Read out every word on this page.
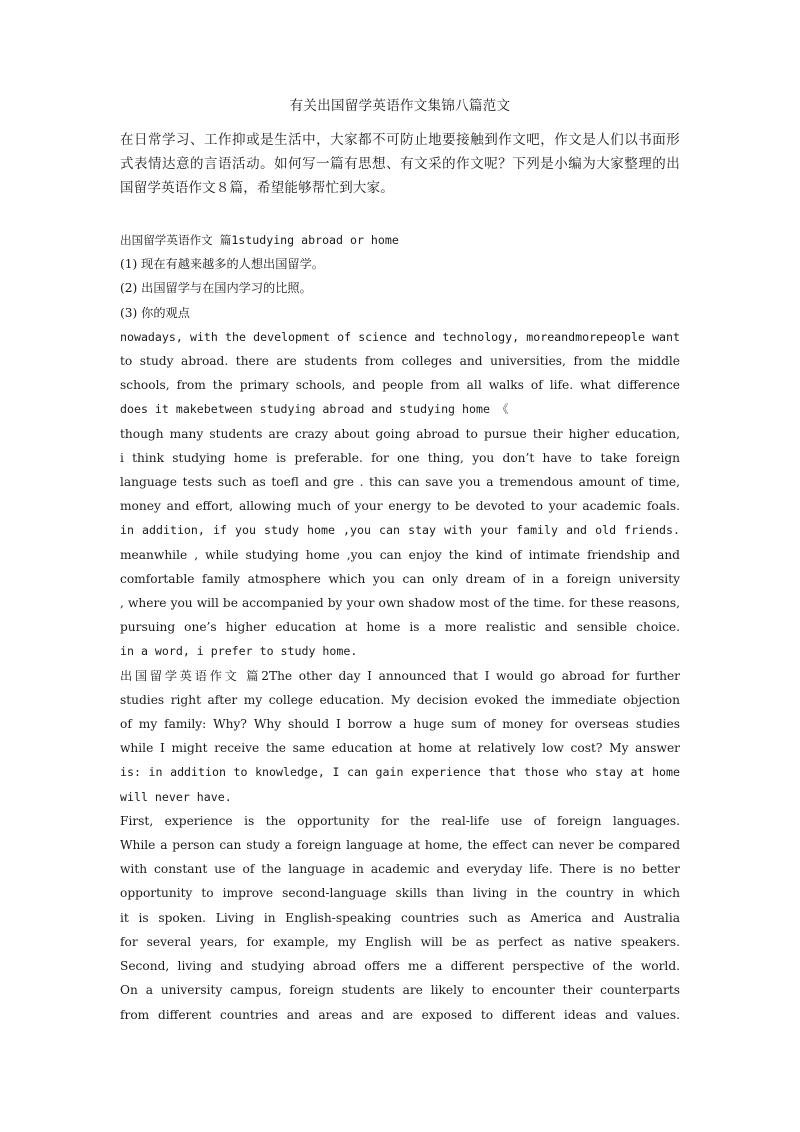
有关出国留学英语作文集锦八篇范文
在日常学习、工作抑或是生活中，大家都不可防止地要接触到作文吧，作文是人们以书面形式表情达意的言语活动。如何写一篇有思想、有文采的作文呢？下列是小编为大家整理的出国留学英语作文８篇，希望能够帮忙到大家。

出国留学英语作文 篇1studying abroad or home

(1) 现在有越来越多的人想出国留学。

(2) 出国留学与在国内学习的比照。

(3) 你的观点

nowadays, with the development of science and technology, moreandmorepeople want

to study abroad. there are students from colleges and universities, from the middle

schools, from the primary schools, and people from all walks of life. what difference

does it makebetween studying abroad and studying home 《

though many students are crazy about going abroad to pursue their higher education,

i think studying home is preferable. for one thing, you don’t have to take foreign

language tests such as toefl and gre . this can save you a tremendous amount of time,

money and effort, allowing much of your energy to be devoted to your academic foals.

in addition, if you study home ,you can stay with your family and old friends.

meanwhile , while studying home ,you can enjoy the kind of intimate friendship and

comfortable family atmosphere which you can only dream of in a foreign university

, where you will be accompanied by your own shadow most of the time. for these reasons,

pursuing one’s higher education at home is a more realistic and sensible choice.

in a word, i prefer to study home.

出国留学英语作文 篇2The other day I announced that I would go abroad for further

studies right after my college education. My decision evoked the immediate objection

of my family: Why? Why should I borrow a huge sum of money for overseas studies

while I might receive the same education at home at relatively low cost? My answer

is: in addition to knowledge, I can gain experience that those who stay at home

will never have.

First, experience is the opportunity for the real-life use of foreign languages.

While a person can study a foreign language at home, the effect can never be compared

with constant use of the language in academic and everyday life. There is no better

opportunity to improve second-language skills than living in the country in which

it is spoken. Living in English-speaking countries such as America and Australia

for several years, for example, my English will be as perfect as native speakers.

Second, living and studying abroad offers me a different perspective of the world.

On a university campus, foreign students are likely to encounter their counterparts

from different countries and areas and are exposed to different ideas and values.
